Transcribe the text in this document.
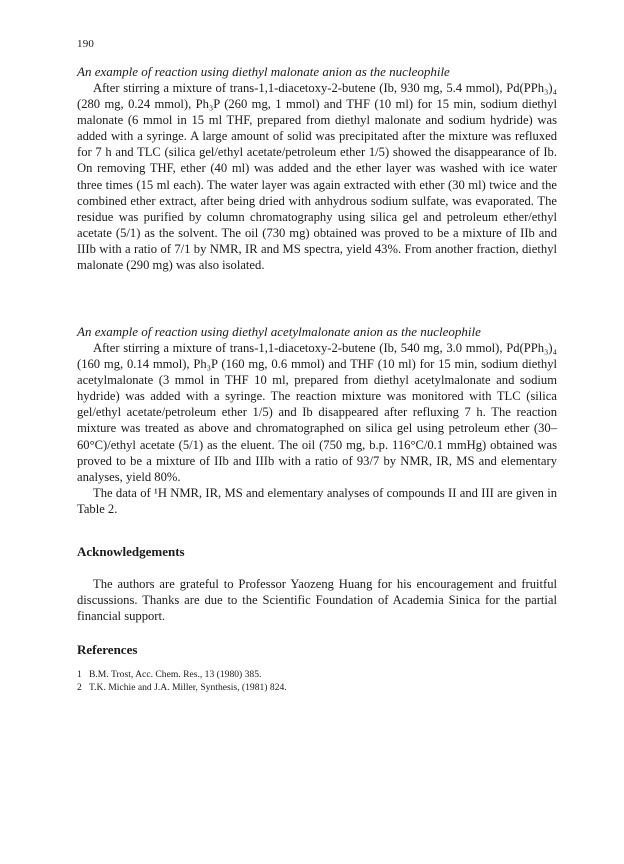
190

An example of reaction using diethyl malonate anion as the nucleophile

After stirring a mixture of trans-1,1-diacetoxy-2-butene (Ib, 930 mg, 5.4 mmol), Pd(PPh₃)₄ (280 mg, 0.24 mmol), Ph₃P (260 mg, 1 mmol) and THF (10 ml) for 15 min, sodium diethyl malonate (6 mmol in 15 ml THF, prepared from diethyl malonate and sodium hydride) was added with a syringe. A large amount of solid was precipitated after the mixture was refluxed for 7 h and TLC (silica gel/ethyl acetate/petroleum ether 1/5) showed the disappearance of Ib. On removing THF, ether (40 ml) was added and the ether layer was washed with ice water three times (15 ml each). The water layer was again extracted with ether (30 ml) twice and the combined ether extract, after being dried with anhydrous sodium sulfate, was evaporated. The residue was purified by column chromatography using silica gel and petroleum ether/ethyl acetate (5/1) as the solvent. The oil (730 mg) obtained was proved to be a mixture of IIb and IIIb with a ratio of 7/1 by NMR, IR and MS spectra, yield 43%. From another fraction, diethyl malonate (290 mg) was also isolated.

An example of reaction using diethyl acetylmalonate anion as the nucleophile

After stirring a mixture of trans-1,1-diacetoxy-2-butene (Ib, 540 mg, 3.0 mmol), Pd(PPh₃)₄ (160 mg, 0.14 mmol), Ph₃P (160 mg, 0.6 mmol) and THF (10 ml) for 15 min, sodium diethyl acetylmalonate (3 mmol in THF 10 ml, prepared from diethyl acetylmalonate and sodium hydride) was added with a syringe. The reaction mixture was monitored with TLC (silica gel/ethyl acetate/petroleum ether 1/5) and Ib disappeared after refluxing 7 h. The reaction mixture was treated as above and chromatographed on silica gel using petroleum ether (30–60°C)/ethyl acetate (5/1) as the eluent. The oil (750 mg, b.p. 116°C/0.1 mmHg) obtained was proved to be a mixture of IIb and IIIb with a ratio of 93/7 by NMR, IR, MS and elementary analyses, yield 80%.

The data of ¹H NMR, IR, MS and elementary analyses of compounds II and III are given in Table 2.

Acknowledgements

The authors are grateful to Professor Yaozeng Huang for his encouragement and fruitful discussions. Thanks are due to the Scientific Foundation of Academia Sinica for the partial financial support.

References

1 B.M. Trost, Acc. Chem. Res., 13 (1980) 385.
2 T.K. Michie and J.A. Miller, Synthesis, (1981) 824.
